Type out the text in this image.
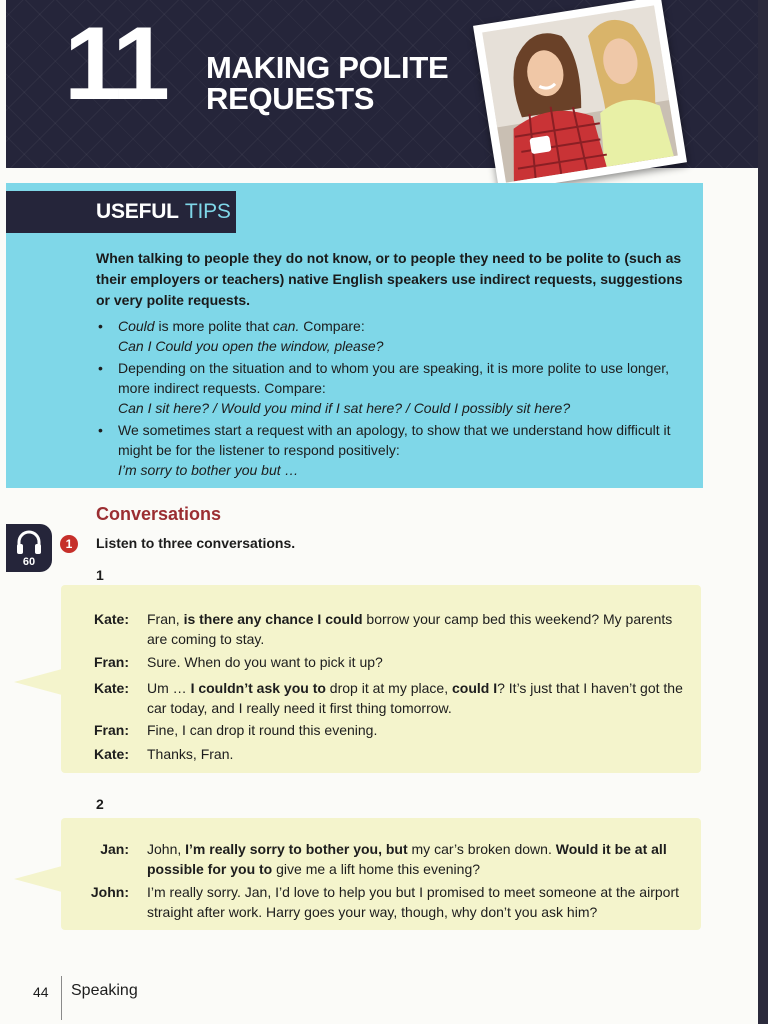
11 MAKING POLITE
REQUESTS
USEFUL TIPS
When talking to people they do not know, or to people they need to be polite to (such as their employers or teachers) native English speakers use indirect requests, suggestions or very polite requests.
• Could is more polite that can. Compare:
Can I Could you open the window, please?
• Depending on the situation and to whom you are speaking, it is more polite to use longer, more indirect requests. Compare:
Can I sit here? / Would you mind if I sat here? / Could I possibly sit here?
• We sometimes start a request with an apology, to show that we understand how difficult it might be for the listener to respond positively:
I’m sorry to bother you but …
Conversations
60
1	Listen to three conversations.
1
Kate: Fran, is there any chance I could borrow your camp bed this weekend? My parents are coming to stay.
Fran: Sure. When do you want to pick it up?
Kate: Um … I couldn’t ask you to drop it at my place, could I? It’s just that I haven’t got the car today, and I really need it first thing tomorrow.
Fran: Fine, I can drop it round this evening.
Kate: Thanks, Fran.
2
Jan: John, I’m really sorry to bother you, but my car’s broken down. Would it be at all possible for you to give me a lift home this evening?
John: I’m really sorry. Jan, I’d love to help you but I promised to meet someone at the airport straight after work. Harry goes your way, though, why don’t you ask him?
44 Speaking
